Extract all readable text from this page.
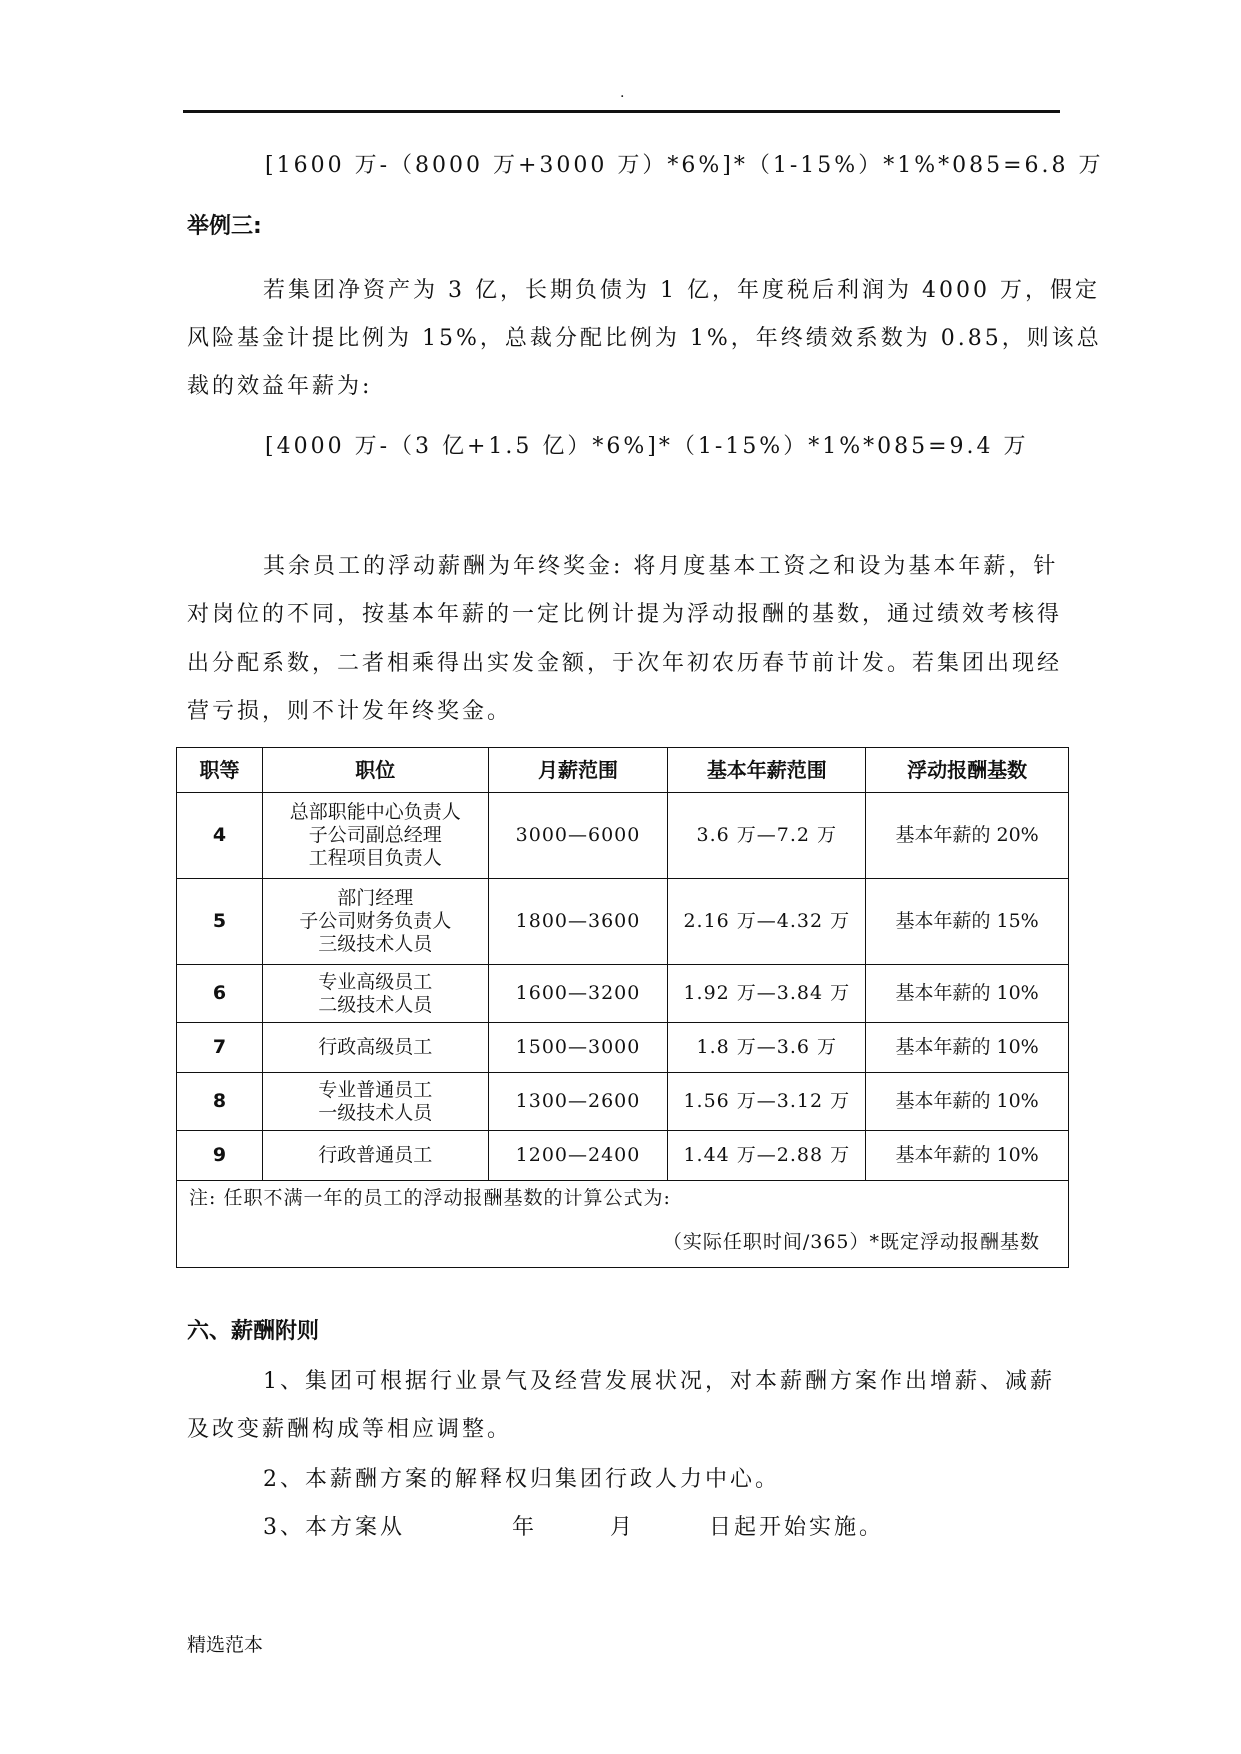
.
[1600 万-（8000 万+3000 万）*6%]*（1-15%）*1%*085=6.8 万
举例三:
若集团净资产为 3 亿，长期负债为 1 亿，年度税后利润为 4000 万，假定
风险基金计提比例为 15%，总裁分配比例为 1%，年终绩效系数为 0.85，则该总
裁的效益年薪为:
[4000 万-（3 亿+1.5 亿）*6%]*（1-15%）*1%*085=9.4 万
其余员工的浮动薪酬为年终奖金: 将月度基本工资之和设为基本年薪，针
对岗位的不同，按基本年薪的一定比例计提为浮动报酬的基数，通过绩效考核得
出分配系数，二者相乘得出实发金额，于次年初农历春节前计发。若集团出现经
营亏损，则不计发年终奖金。
职等	职位	月薪范围	基本年薪范围	浮动报酬基数
4	总部职能中心负责人
子公司副总经理
工程项目负责人	3000—6000	3.6 万—7.2 万	基本年薪的 20%
5	部门经理
子公司财务负责人
三级技术人员	1800—3600	2.16 万—4.32 万	基本年薪的 15%
6	专业高级员工
二级技术人员	1600—3200	1.92 万—3.84 万	基本年薪的 10%
7	行政高级员工	1500—3000	1.8 万—3.6 万	基本年薪的 10%
8	专业普通员工
一级技术人员	1300—2600	1.56 万—3.12 万	基本年薪的 10%
9	行政普通员工	1200—2400	1.44 万—2.88 万	基本年薪的 10%

注: 任职不满一年的员工的浮动报酬基数的计算公式为:
（实际任职时间/365）*既定浮动报酬基数				
六、薪酬附则
1、集团可根据行业景气及经营发展状况，对本薪酬方案作出增薪、减薪
及改变薪酬构成等相应调整。
2、本薪酬方案的解释权归集团行政人力中心。
3、本方案从	年	月	日起开始实施。
精选范本
